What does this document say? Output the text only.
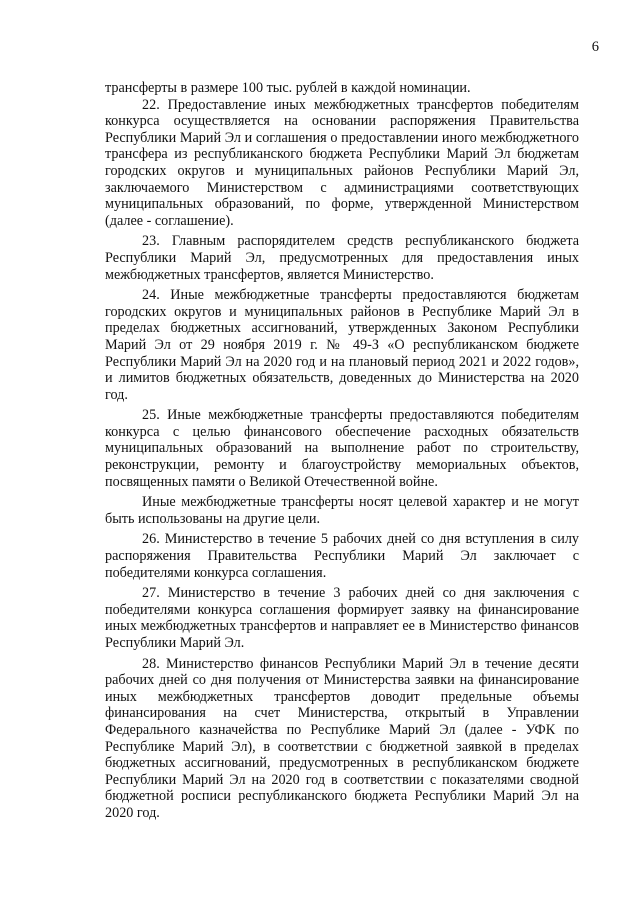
6

трансферты в размере 100 тыс. рублей в каждой номинации.

22. Предоставление иных межбюджетных трансфертов победителям конкурса осуществляется на основании распоряжения Правительства Республики Марий Эл и соглашения о предоставлении иного межбюджетного трансфера из республиканского бюджета Республики Марий Эл бюджетам городских округов и муниципальных районов Республики Марий Эл, заключаемого Министерством с администрациями соответствующих муниципальных образований, по форме, утвержденной Министерством (далее - соглашение).

23. Главным распорядителем средств республиканского бюджета Республики Марий Эл, предусмотренных для предоставления иных межбюджетных трансфертов, является Министерство.

24. Иные межбюджетные трансферты предоставляются бюджетам городских округов и муниципальных районов в Республике Марий Эл в пределах бюджетных ассигнований, утвержденных Законом Республики Марий Эл от 29 ноября 2019 г. № 49-З «О республиканском бюджете Республики Марий Эл на 2020 год и на плановый период 2021 и 2022 годов», и лимитов бюджетных обязательств, доведенных до Министерства на 2020 год.

25. Иные межбюджетные трансферты предоставляются победителям конкурса с целью финансового обеспечение расходных обязательств муниципальных образований на выполнение работ по строительству, реконструкции, ремонту и благоустройству мемориальных объектов, посвященных памяти о Великой Отечественной войне.

Иные межбюджетные трансферты носят целевой характер и не могут быть использованы на другие цели.

26. Министерство в течение 5 рабочих дней со дня вступления в силу распоряжения Правительства Республики Марий Эл заключает с победителями конкурса соглашения.

27. Министерство в течение 3 рабочих дней со дня заключения с победителями конкурса соглашения формирует заявку на финансирование иных межбюджетных трансфертов и направляет ее в Министерство финансов Республики Марий Эл.

28. Министерство финансов Республики Марий Эл в течение десяти рабочих дней со дня получения от Министерства заявки на финансирование иных межбюджетных трансфертов доводит предельные объемы финансирования на счет Министерства, открытый в Управлении Федерального казначейства по Республике Марий Эл (далее - УФК по Республике Марий Эл), в соответствии с бюджетной заявкой в пределах бюджетных ассигнований, предусмотренных в республиканском бюджете Республики Марий Эл на 2020 год в соответствии с показателями сводной бюджетной росписи республиканского бюджета Республики Марий Эл на 2020 год.
